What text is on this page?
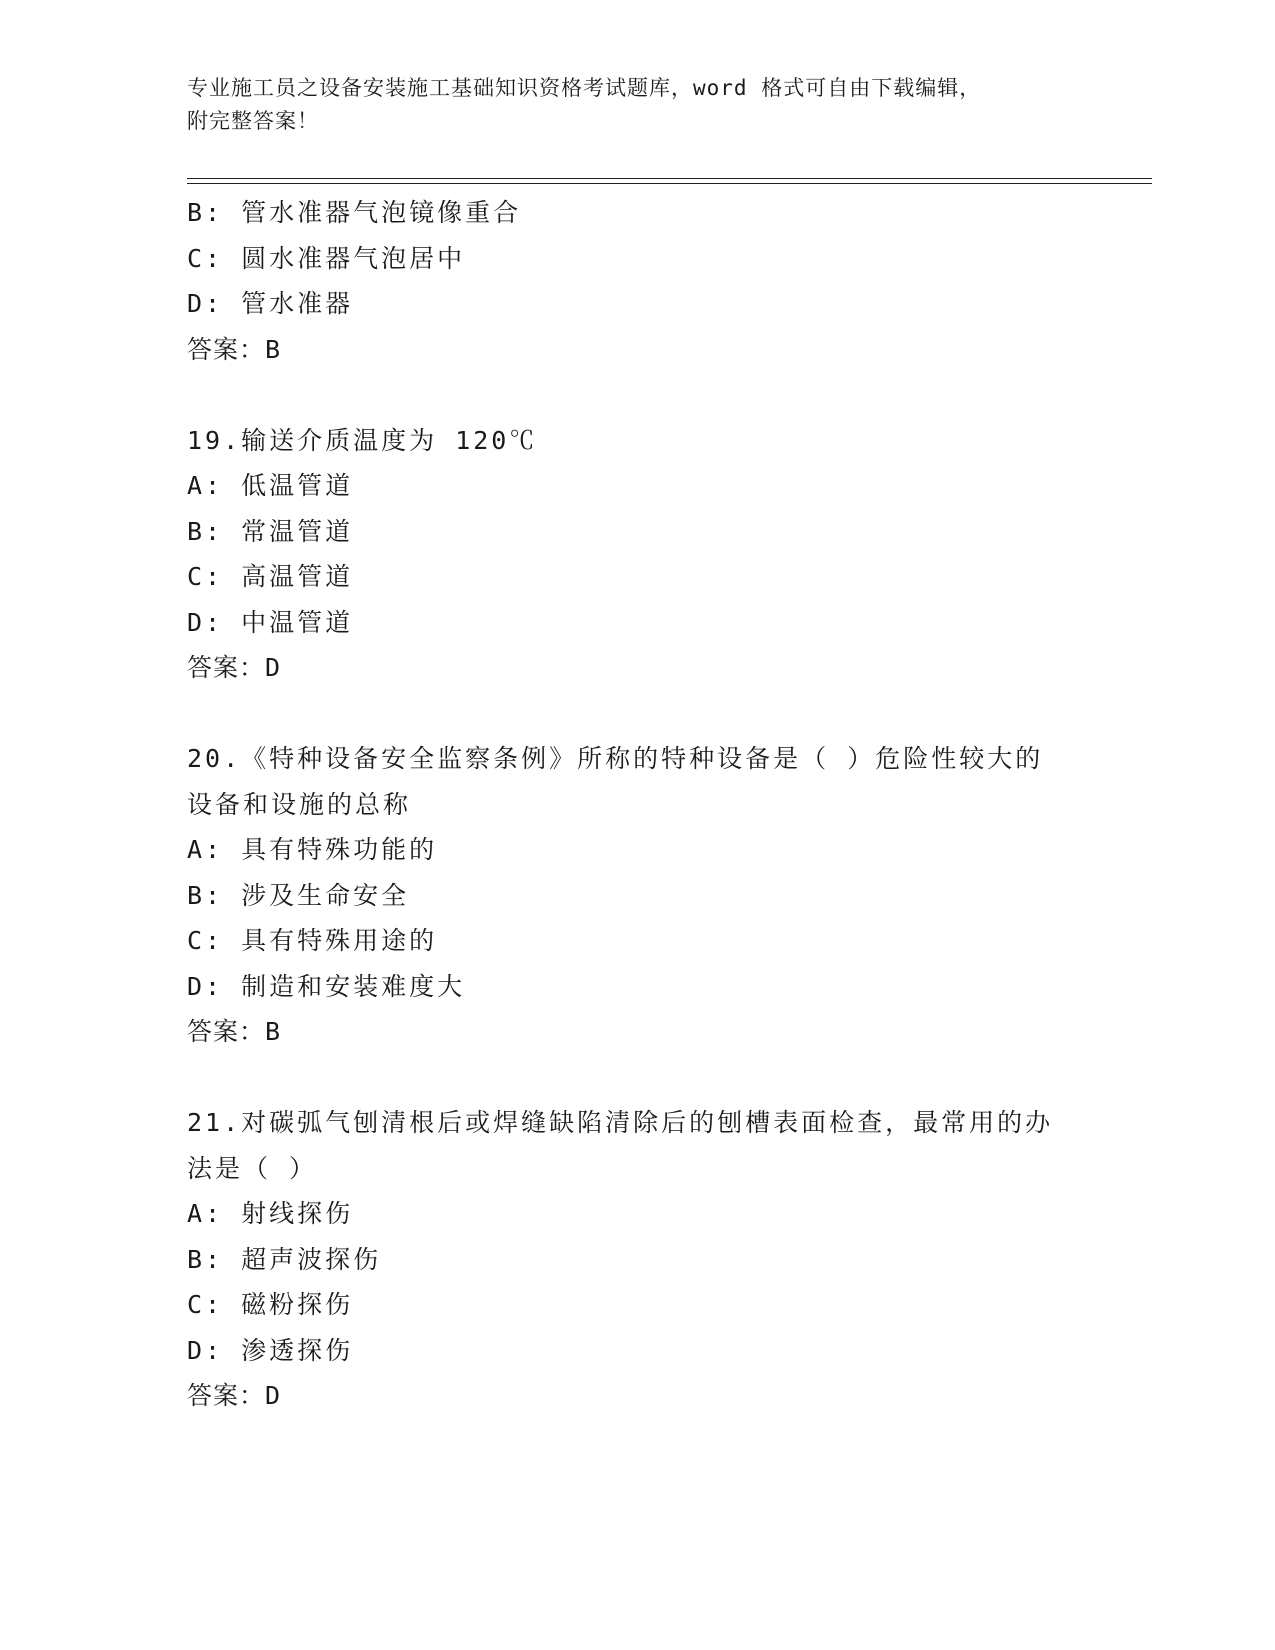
专业施工员之设备安装施工基础知识资格考试题库，word 格式可自由下载编辑，
附完整答案！
B: 管水准器气泡镜像重合
C: 圆水准器气泡居中
D: 管水准器
答案：B
19.输送介质温度为 120℃
A: 低温管道
B: 常温管道
C: 高温管道
D: 中温管道
答案：D
20.《特种设备安全监察条例》所称的特种设备是（ ）危险性较大的
设备和设施的总称
A: 具有特殊功能的
B: 涉及生命安全
C: 具有特殊用途的
D: 制造和安装难度大
答案：B
21.对碳弧气刨清根后或焊缝缺陷清除后的刨槽表面检查，最常用的办
法是（ ）
A: 射线探伤
B: 超声波探伤
C: 磁粉探伤
D: 渗透探伤
答案：D
